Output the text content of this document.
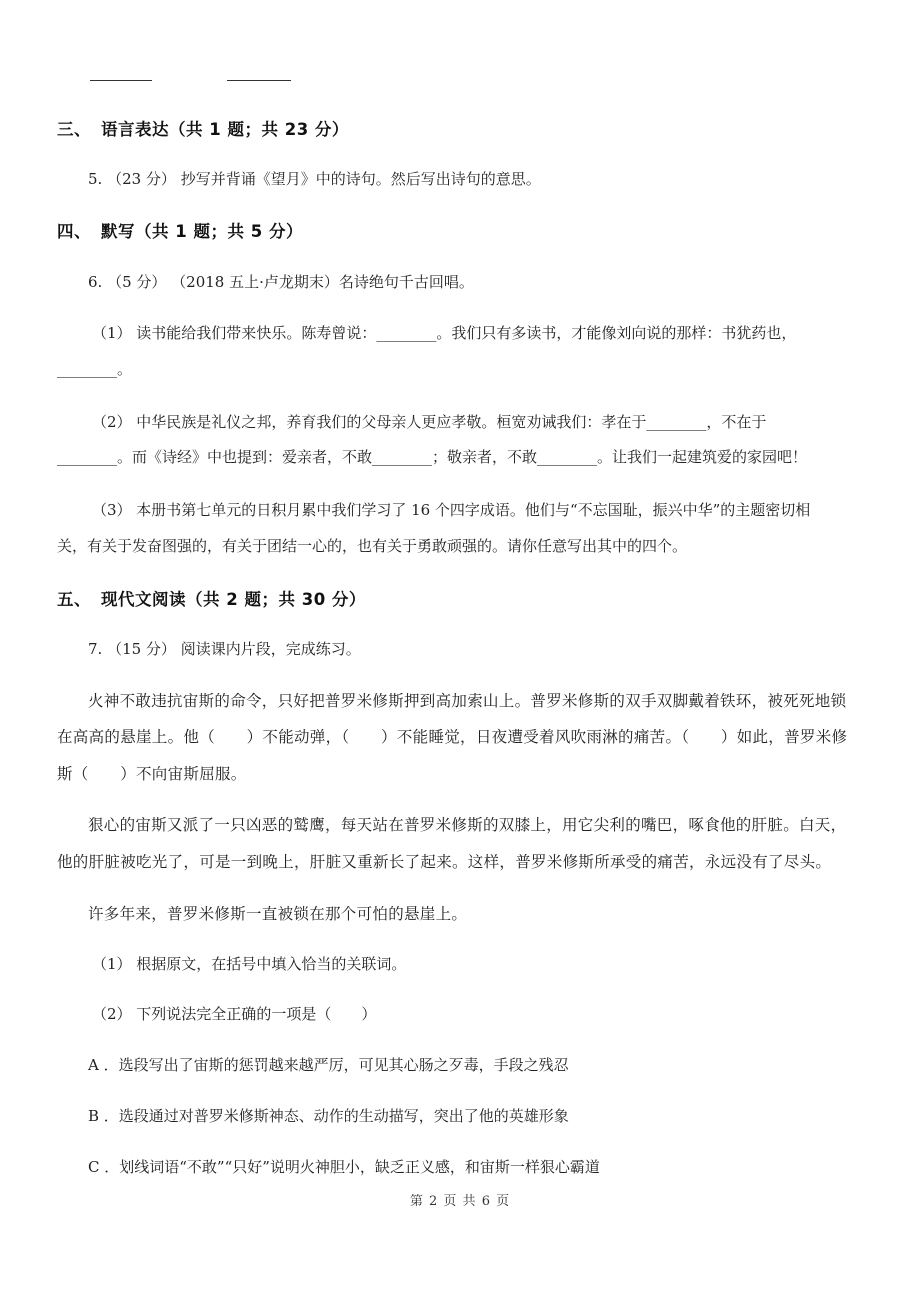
三、 语言表达（共 1 题；共 23 分）
5. （23 分） 抄写并背诵《望月》中的诗句。然后写出诗句的意思。
四、 默写（共 1 题；共 5 分）
6. （5 分） （2018 五上·卢龙期末）名诗绝句千古回唱。
（1） 读书能给我们带来快乐。陈寿曾说：________。我们只有多读书，才能像刘向说的那样：书犹药也，
________。
（2） 中华民族是礼仪之邦，养育我们的父母亲人更应孝敬。桓宽劝诫我们：孝在于________，不在于
________。而《诗经》中也提到：爱亲者，不敢________；敬亲者，不敢________。让我们一起建筑爱的家园吧！
（3） 本册书第七单元的日积月累中我们学习了 16 个四字成语。他们与“不忘国耻，振兴中华”的主题密切相
关，有关于发奋图强的，有关于团结一心的，也有关于勇敢顽强的。请你任意写出其中的四个。
五、 现代文阅读（共 2 题；共 30 分）
7. （15 分） 阅读课内片段，完成练习。
火神不敢违抗宙斯的命令，只好把普罗米修斯押到高加索山上。普罗米修斯的双手双脚戴着铁环，被死死地锁
在高高的悬崖上。他（　　）不能动弹，（　　）不能睡觉，日夜遭受着风吹雨淋的痛苦。（　　）如此，普罗米修
斯（　　）不向宙斯屈服。
狠心的宙斯又派了一只凶恶的鹫鹰，每天站在普罗米修斯的双膝上，用它尖利的嘴巴，啄食他的肝脏。白天，
他的肝脏被吃光了，可是一到晚上，肝脏又重新长了起来。这样，普罗米修斯所承受的痛苦，永远没有了尽头。
许多年来，普罗米修斯一直被锁在那个可怕的悬崖上。
（1） 根据原文，在括号中填入恰当的关联词。
（2） 下列说法完全正确的一项是（　　）
A ．选段写出了宙斯的惩罚越来越严厉，可见其心肠之歹毒，手段之残忍
B ．选段通过对普罗米修斯神态、动作的生动描写，突出了他的英雄形象
C ．划线词语“不敢”“只好”说明火神胆小，缺乏正义感，和宙斯一样狠心霸道
第 2 页 共 6 页
